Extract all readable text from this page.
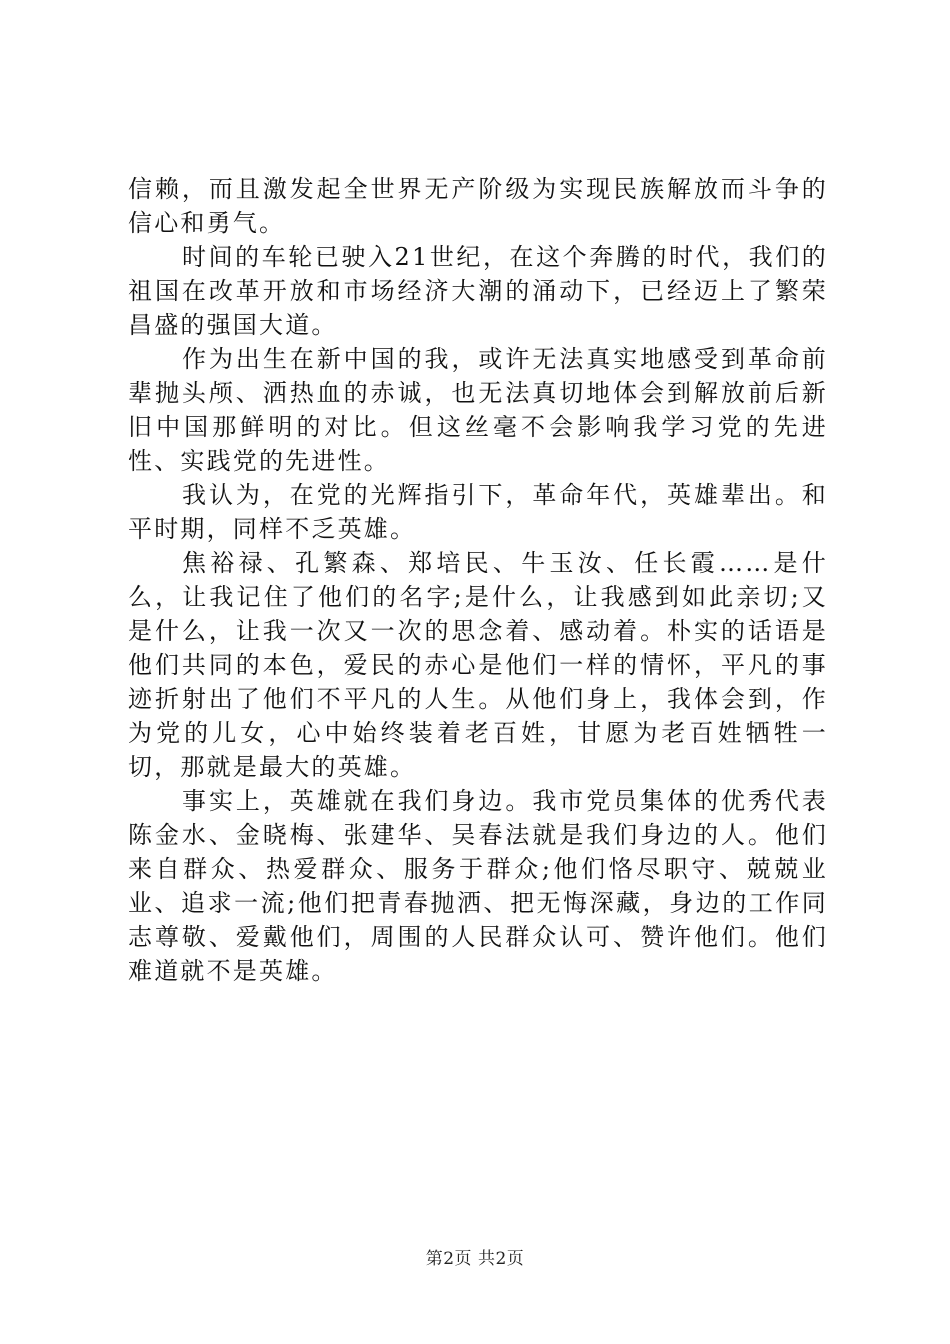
信赖，而且激发起全世界无产阶级为实现民族解放而斗争的信心和勇气。

时间的车轮已驶入21世纪，在这个奔腾的时代，我们的祖国在改革开放和市场经济大潮的涌动下，已经迈上了繁荣昌盛的强国大道。

作为出生在新中国的我，或许无法真实地感受到革命前辈抛头颅、洒热血的赤诚，也无法真切地体会到解放前后新旧中国那鲜明的对比。但这丝毫不会影响我学习党的先进性、实践党的先进性。

我认为，在党的光辉指引下，革命年代，英雄辈出。和平时期，同样不乏英雄。

焦裕禄、孔繁森、郑培民、牛玉汝、任长霞……是什么，让我记住了他们的名字;是什么，让我感到如此亲切;又是什么，让我一次又一次的思念着、感动着。朴实的话语是他们共同的本色，爱民的赤心是他们一样的情怀，平凡的事迹折射出了他们不平凡的人生。从他们身上，我体会到，作为党的儿女，心中始终装着老百姓，甘愿为老百姓牺牲一切，那就是最大的英雄。

事实上，英雄就在我们身边。我市党员集体的优秀代表陈金水、金晓梅、张建华、吴春法就是我们身边的人。他们来自群众、热爱群众、服务于群众;他们恪尽职守、兢兢业业、追求一流;他们把青春抛洒、把无悔深藏，身边的工作同志尊敬、爱戴他们，周围的人民群众认可、赞许他们。他们难道就不是英雄。

第2页 共2页
